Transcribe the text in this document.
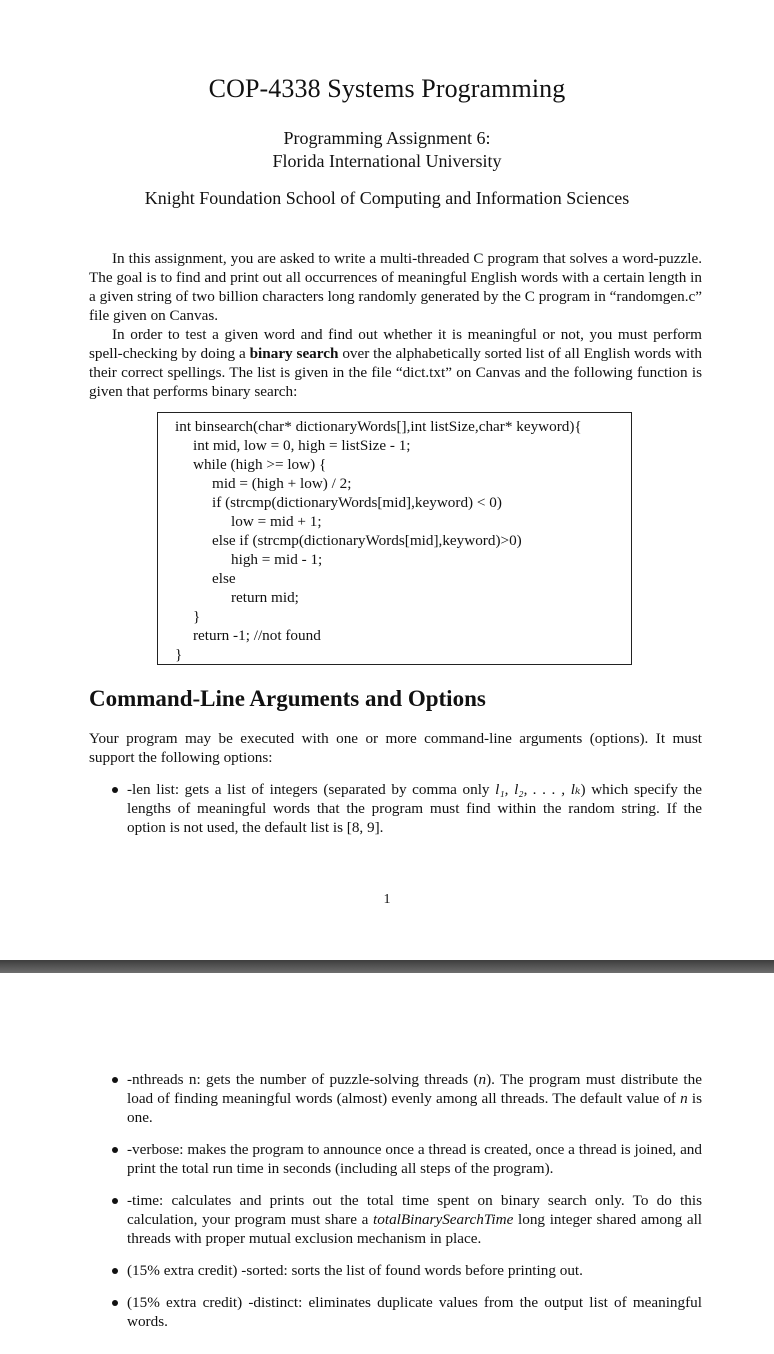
COP-4338 Systems Programming

Programming Assignment 6:

Florida International University

Knight Foundation School of Computing and Information Sciences

In this assignment, you are asked to write a multi-threaded C program that solves a word-puzzle. The goal is to find and print out all occurrences of meaningful English words with a certain length in a given string of two billion characters long randomly generated by the C program in “randomgen.c” file given on Canvas.

In order to test a given word and find out whether it is meaningful or not, you must perform spell-checking by doing a binary search over the alphabetically sorted list of all English words with their correct spellings. The list is given in the file “dict.txt” on Canvas and the following function is given that performs binary search:

int binsearch(char* dictionaryWords[],int listSize,char* keyword){

int mid, low = 0, high = listSize - 1;

while (high >= low) {

mid = (high + low) / 2;

if (strcmp(dictionaryWords[mid],keyword) < 0)

low = mid + 1;

else if (strcmp(dictionaryWords[mid],keyword)>0)

high = mid - 1;

else

return mid;

}

return -1; //not found

}

Command-Line Arguments and Options

Your program may be executed with one or more command-line arguments (options). It must support the following options:

-len list: gets a list of integers (separated by comma only l₁, l₂, . . . , lₖ) which specify the lengths of meaningful words that the program must find within the random string. If the option is not used, the default list is [8, 9].

1

-nthreads n: gets the number of puzzle-solving threads (n). The program must distribute the load of finding meaningful words (almost) evenly among all threads. The default value of n is one.

-verbose: makes the program to announce once a thread is created, once a thread is joined, and print the total run time in seconds (including all steps of the program).

-time: calculates and prints out the total time spent on binary search only. To do this calculation, your program must share a totalBinarySearchTime long integer shared among all threads with proper mutual exclusion mechanism in place.

(15% extra credit) -sorted: sorts the list of found words before printing out.

(15% extra credit) -distinct: eliminates duplicate values from the output list of meaningful words.
